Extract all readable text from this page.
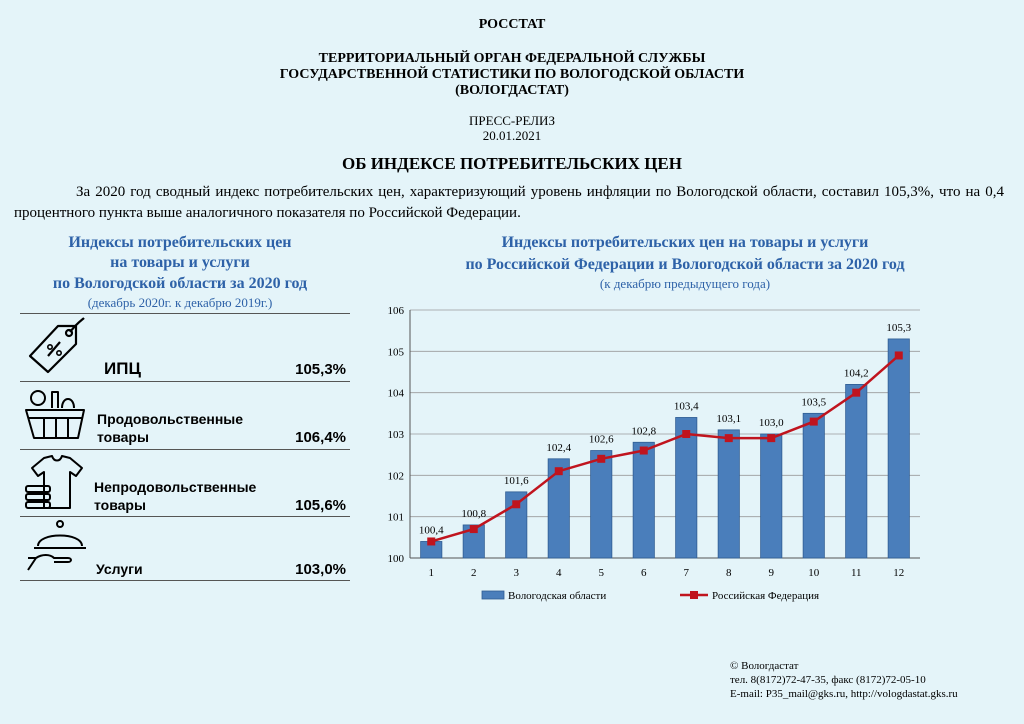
РОССТАТ
ТЕРРИТОРИАЛЬНЫЙ ОРГАН ФЕДЕРАЛЬНОЙ СЛУЖБЫ
ГОСУДАРСТВЕННОЙ СТАТИСТИКИ ПО ВОЛОГОДСКОЙ ОБЛАСТИ
(ВОЛОГДАСТАТ)
ПРЕСС-РЕЛИЗ
20.01.2021
ОБ ИНДЕКСЕ ПОТРЕБИТЕЛЬСКИХ ЦЕН
За 2020 год сводный индекс потребительских цен, характеризующий уровень инфляции по Вологодской области, составил 105,3%, что на 0,4 процентного пункта выше аналогичного показателя по Российской Федерации.
Индексы потребительских цен
на товары и услуги
по Вологодской области за 2020 год
(декабрь 2020г. к декабрю 2019г.)
ИПЦ	105,3%
Продовольственные
товары	106,4%
Непродовольственные
товары	105,6%
Услуги	103,0%
Индексы потребительских цен на товары и услуги
по Российской Федерации и Вологодской области за 2020 год
(к декабрю предыдущего года)
100
101
102
103
104
105
106
1	2	3	4	5	6	7	8	9	10	11	12
100,4
100,8
101,6
102,4
102,6
102,8
103,4
103,1 103,0
103,5
104,2
105,3
Вологодская области	Российская Федерация
© Вологдастат
тел. 8(8172)72-47-35, факс (8172)72-05-10
E-mail: P35_mail@gks.ru, http://vologdastat.gks.ru
